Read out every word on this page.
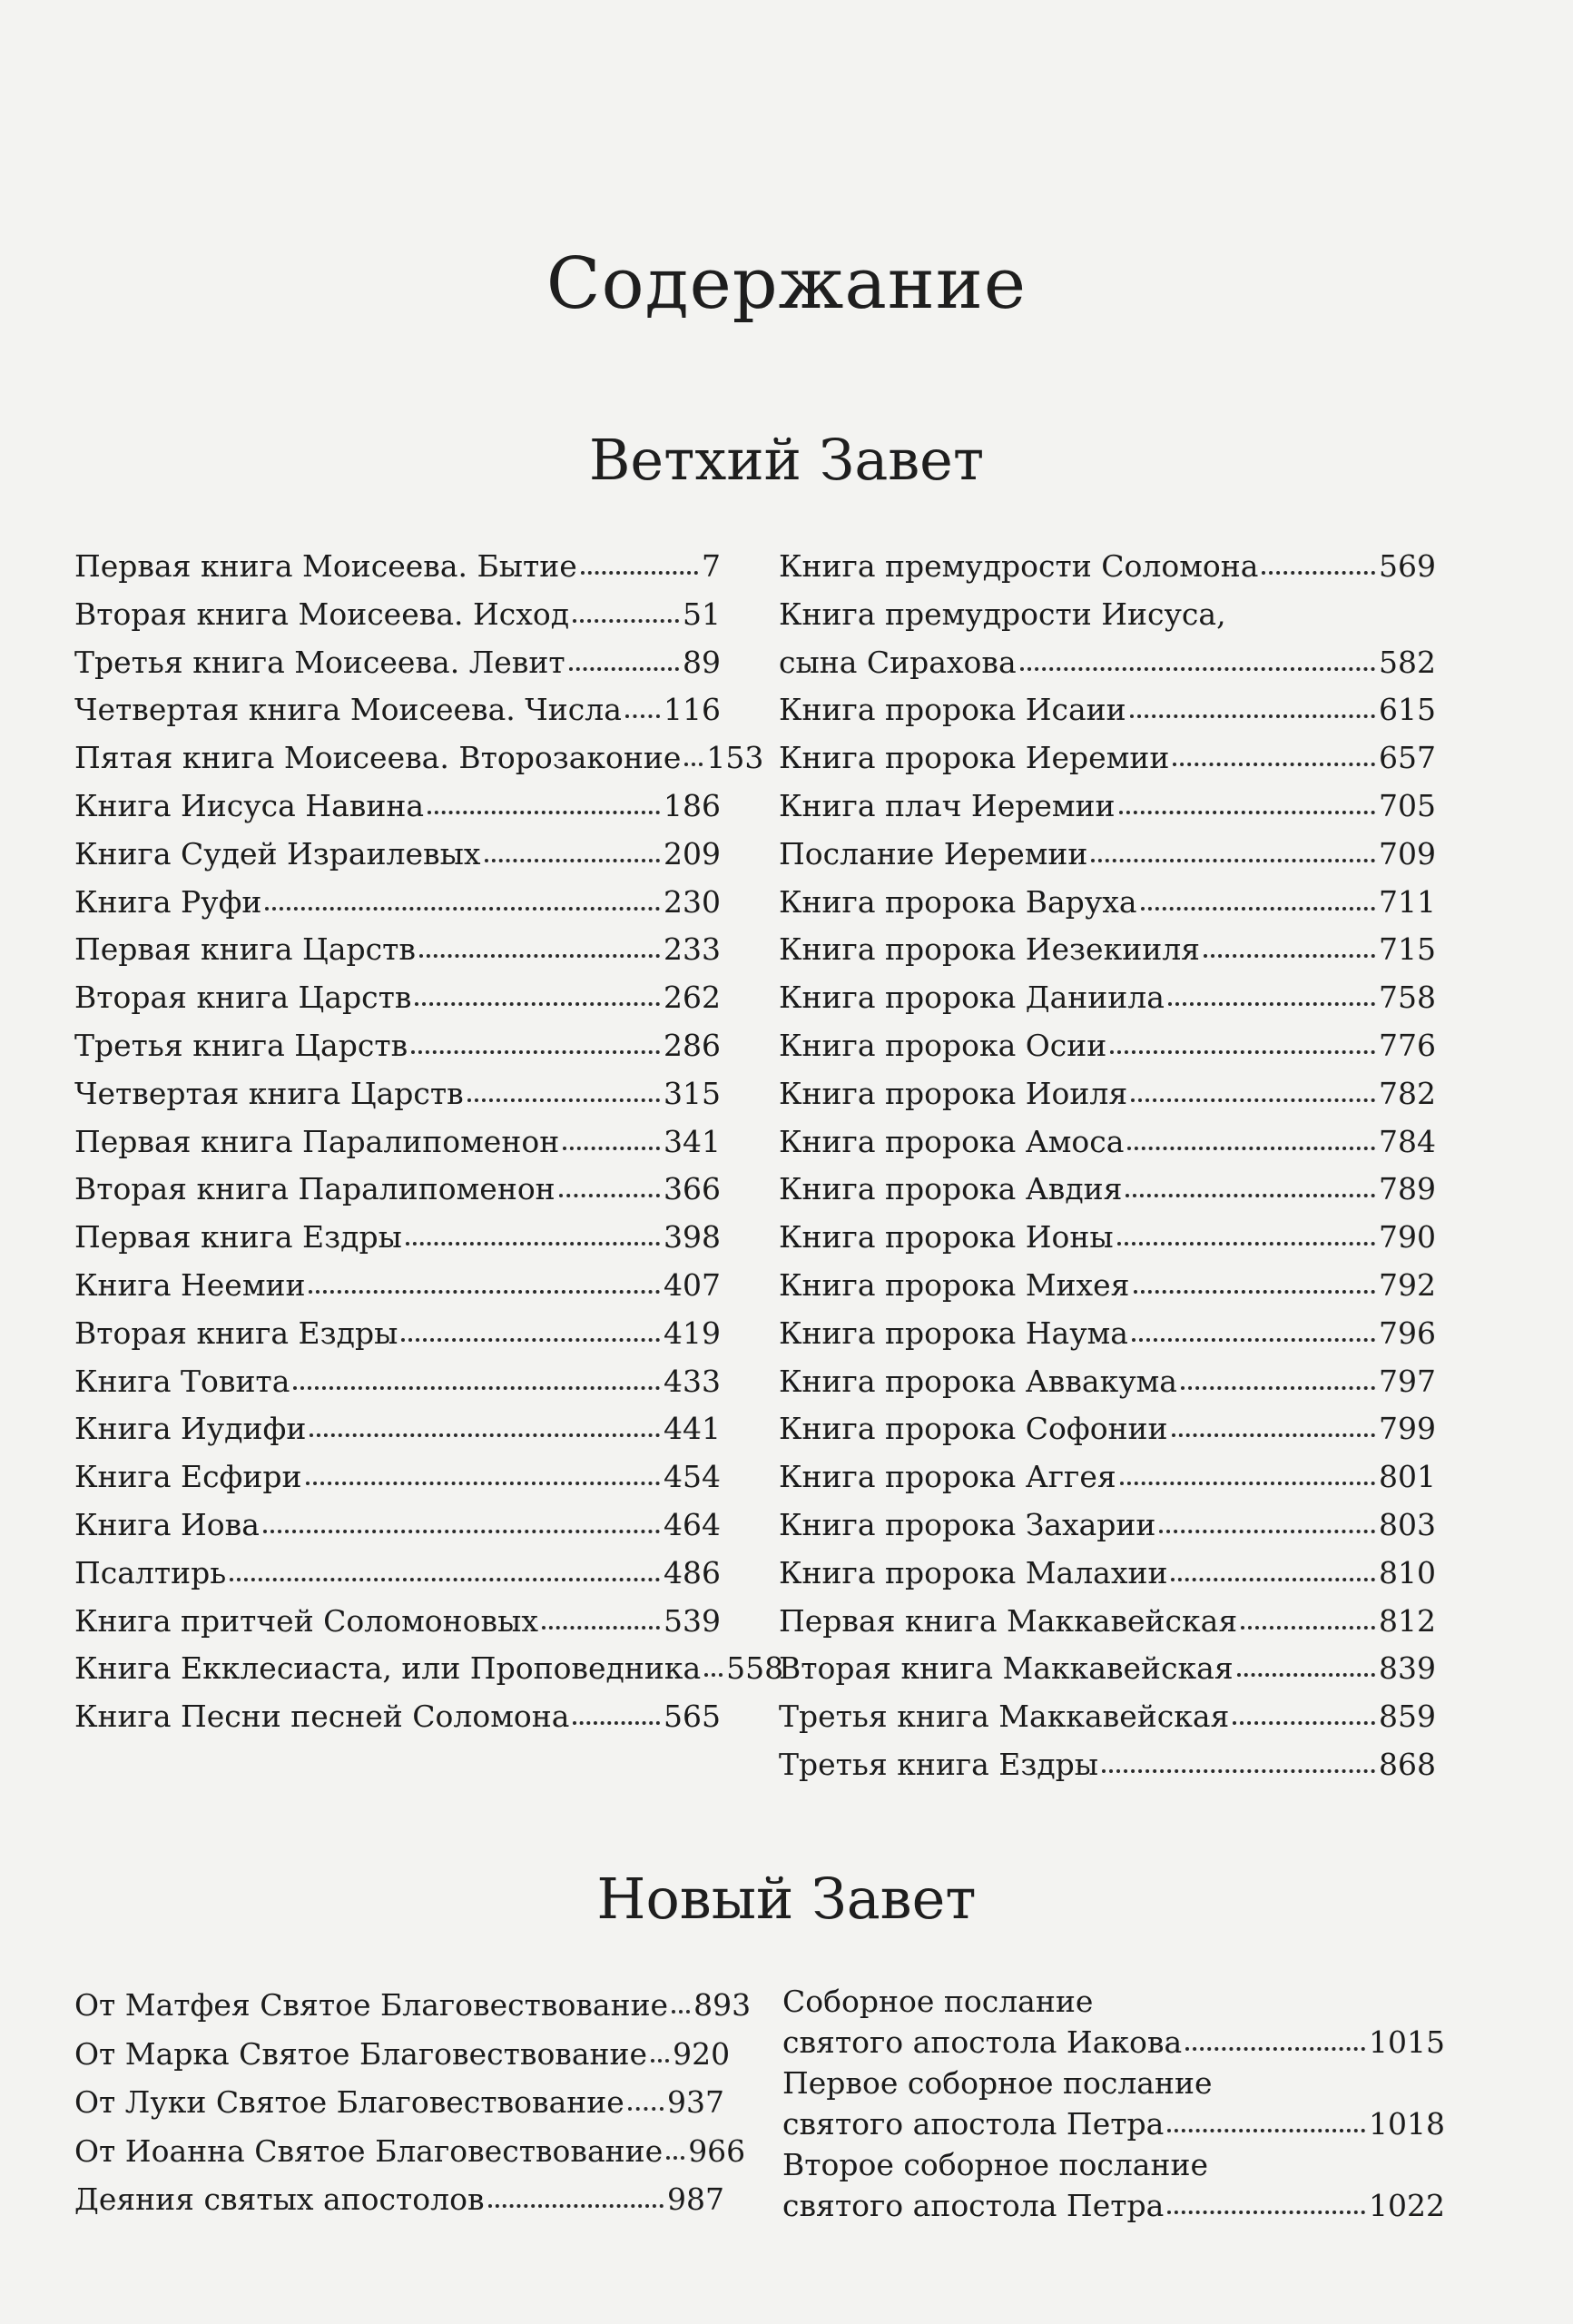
Содержание
Ветхий Завет
Первая книга Моисеева. Бытие	7
Вторая книга Моисеева. Исход	51
Третья книга Моисеева. Левит	89
Четвертая книга Моисеева. Числа 116
Пятая книга Моисеева. Второзаконие 153
Книга Иисуса Навина	186
Книга Судей Израилевых	209
Книга Руфи	230
Первая книга Царств	233
Вторая книга Царств	262
Третья книга Царств	286
Четвертая книга Царств	315
Первая книга Паралипоменон	341
Вторая книга Паралипоменон	366
Первая книга Ездры	398
Книга Неемии	407
Вторая книга Ездры	419
Книга Товита	433
Книга Иудифи	441
Книга Есфири	454
Книга Иова	464
Псалтирь	486
Книга притчей Соломоновых	539
Книга Екклесиаста, или Проповедника 558
Книга Песни песней Соломона	565
Книга премудрости Соломона	569
Книга премудрости Иисуса,
сына Сирахова	582
Книга пророка Исаии	615
Книга пророка Иеремии	657
Книга плач Иеремии	705
Послание Иеремии	709
Книга пророка Варуха	711
Книга пророка Иезекииля	715
Книга пророка Даниила	758
Книга пророка Осии	776
Книга пророка Иоиля	782
Книга пророка Амоса	784
Книга пророка Авдия	789
Книга пророка Ионы	790
Книга пророка Михея	792
Книга пророка Наума	796
Книга пророка Аввакума	797
Книга пророка Софонии	799
Книга пророка Аггея	801
Книга пророка Захарии	803
Книга пророка Малахии	810
Первая книга Маккавейская	812
Вторая книга Маккавейская	839
Третья книга Маккавейская	859
Третья книга Ездры	868
Новый Завет
От Матфея Святое Благовествование 893
От Марка Святое Благовествование 920
От Луки Святое Благовествование 937
От Иоанна Святое Благовествование 966
Деяния святых апостолов	987
Соборное послание
святого апостола Иакова	1015
Первое соборное послание
святого апостола Петра	1018
Второе соборное послание
святого апостола Петра	1022
